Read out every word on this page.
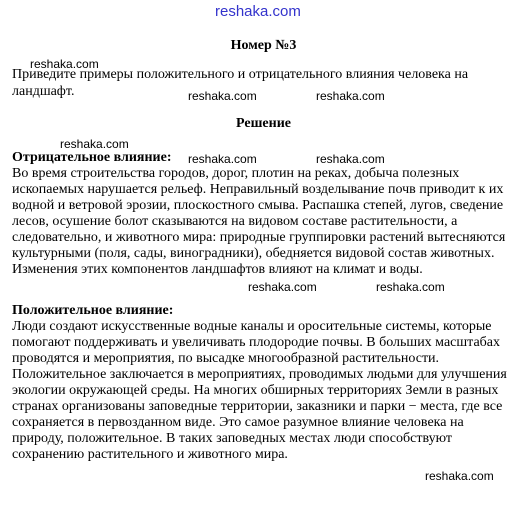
reshaka.com
Номер №3
Приведите примеры положительного и отрицательного влияния человека на ландшафт.
Решение
Отрицательное влияние:
Во время строительства городов, дорог, плотин на реках, добыча полезных ископаемых нарушается рельеф. Неправильный возделывание почв приводит к их водной и ветровой эрозии, плоскостного смыва. Распашка степей, лугов, сведение лесов, осушение болот сказываются на видовом составе растительности, а следовательно, и животного мира: природные группировки растений вытесняются культурными (поля, сады, виноградники), обедняется видовой состав животных. Изменения этих компонентов ландшафтов влияют на климат и воды.
Положительное влияние:
Люди создают искусственные водные каналы и оросительные системы, которые помогают поддерживать и увеличивать плодородие почвы. В больших масштабах проводятся и мероприятия, по высадке многообразной растительности. Положительное заключается в мероприятиях, проводимых людьми для улучшения экологии окружающей среды. На многих обширных территориях Земли в разных странах организованы заповедные территории, заказники и парки − места, где все сохраняется в первозданном виде. Это самое разумное влияние человека на природу, положительное. В таких заповедных местах люди способствуют сохранению растительного и животного мира.
reshaka.com
reshaka.com	reshaka.com
reshaka.com
reshaka.com	reshaka.com
reshaka.com	reshaka.com
reshaka.com
